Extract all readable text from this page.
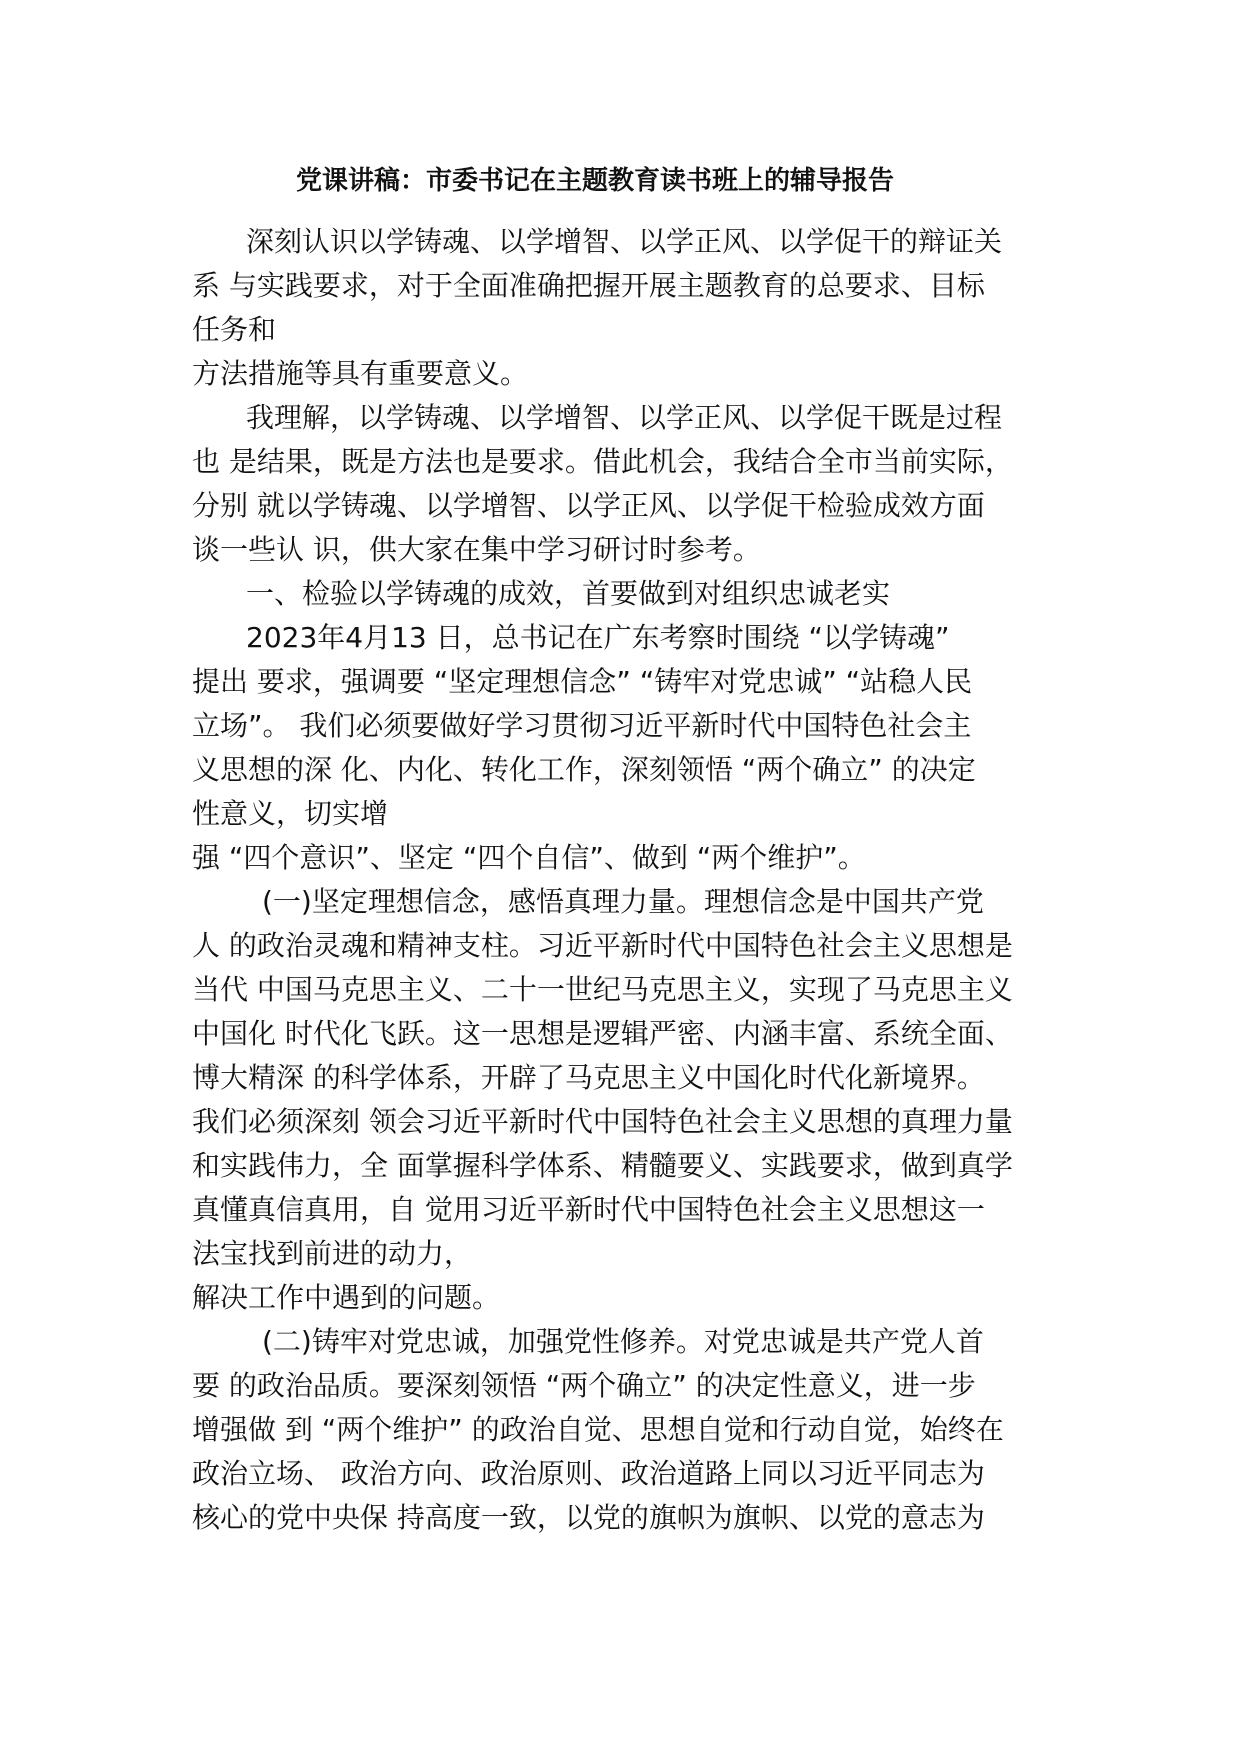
党课讲稿：市委书记在主题教育读书班上的辅导报告
深刻认识以学铸魂、以学增智、以学正风、以学促干的辩证关
系 与实践要求，对于全面准确把握开展主题教育的总要求、目标
任务和
方法措施等具有重要意义。
我理解，以学铸魂、以学增智、以学正风、以学促干既是过程
也 是结果，既是方法也是要求。借此机会，我结合全市当前实际，
分别 就以学铸魂、以学增智、以学正风、以学促干检验成效方面
谈一些认 识，供大家在集中学习研讨时参考。
一、检验以学铸魂的成效，首要做到对组织忠诚老实
2023年4月13 日，总书记在广东考察时围绕 “以学铸魂”
提出 要求，强调要 “坚定理想信念” “铸牢对党忠诚” “站稳人民
立场”。 我们必须要做好学习贯彻习近平新时代中国特色社会主
义思想的深 化、内化、转化工作，深刻领悟 “两个确立” 的决定
性意义，切实增
强 “四个意识”、坚定 “四个自信”、做到 “两个维护”。
(一)坚定理想信念，感悟真理力量。理想信念是中国共产党
人 的政治灵魂和精神支柱。习近平新时代中国特色社会主义思想是
当代 中国马克思主义、二十一世纪马克思主义，实现了马克思主义
中国化 时代化飞跃。这一思想是逻辑严密、内涵丰富、系统全面、
博大精深 的科学体系，开辟了马克思主义中国化时代化新境界。
我们必须深刻 领会习近平新时代中国特色社会主义思想的真理力量
和实践伟力，全 面掌握科学体系、精髓要义、实践要求，做到真学
真懂真信真用，自 觉用习近平新时代中国特色社会主义思想这一
法宝找到前进的动力，
解决工作中遇到的问题。
(二)铸牢对党忠诚，加强党性修养。对党忠诚是共产党人首
要 的政治品质。要深刻领悟 “两个确立” 的决定性意义，进一步
增强做 到 “两个维护” 的政治自觉、思想自觉和行动自觉，始终在
政治立场、 政治方向、政治原则、政治道路上同以习近平同志为
核心的党中央保 持高度一致，以党的旗帜为旗帜、以党的意志为
